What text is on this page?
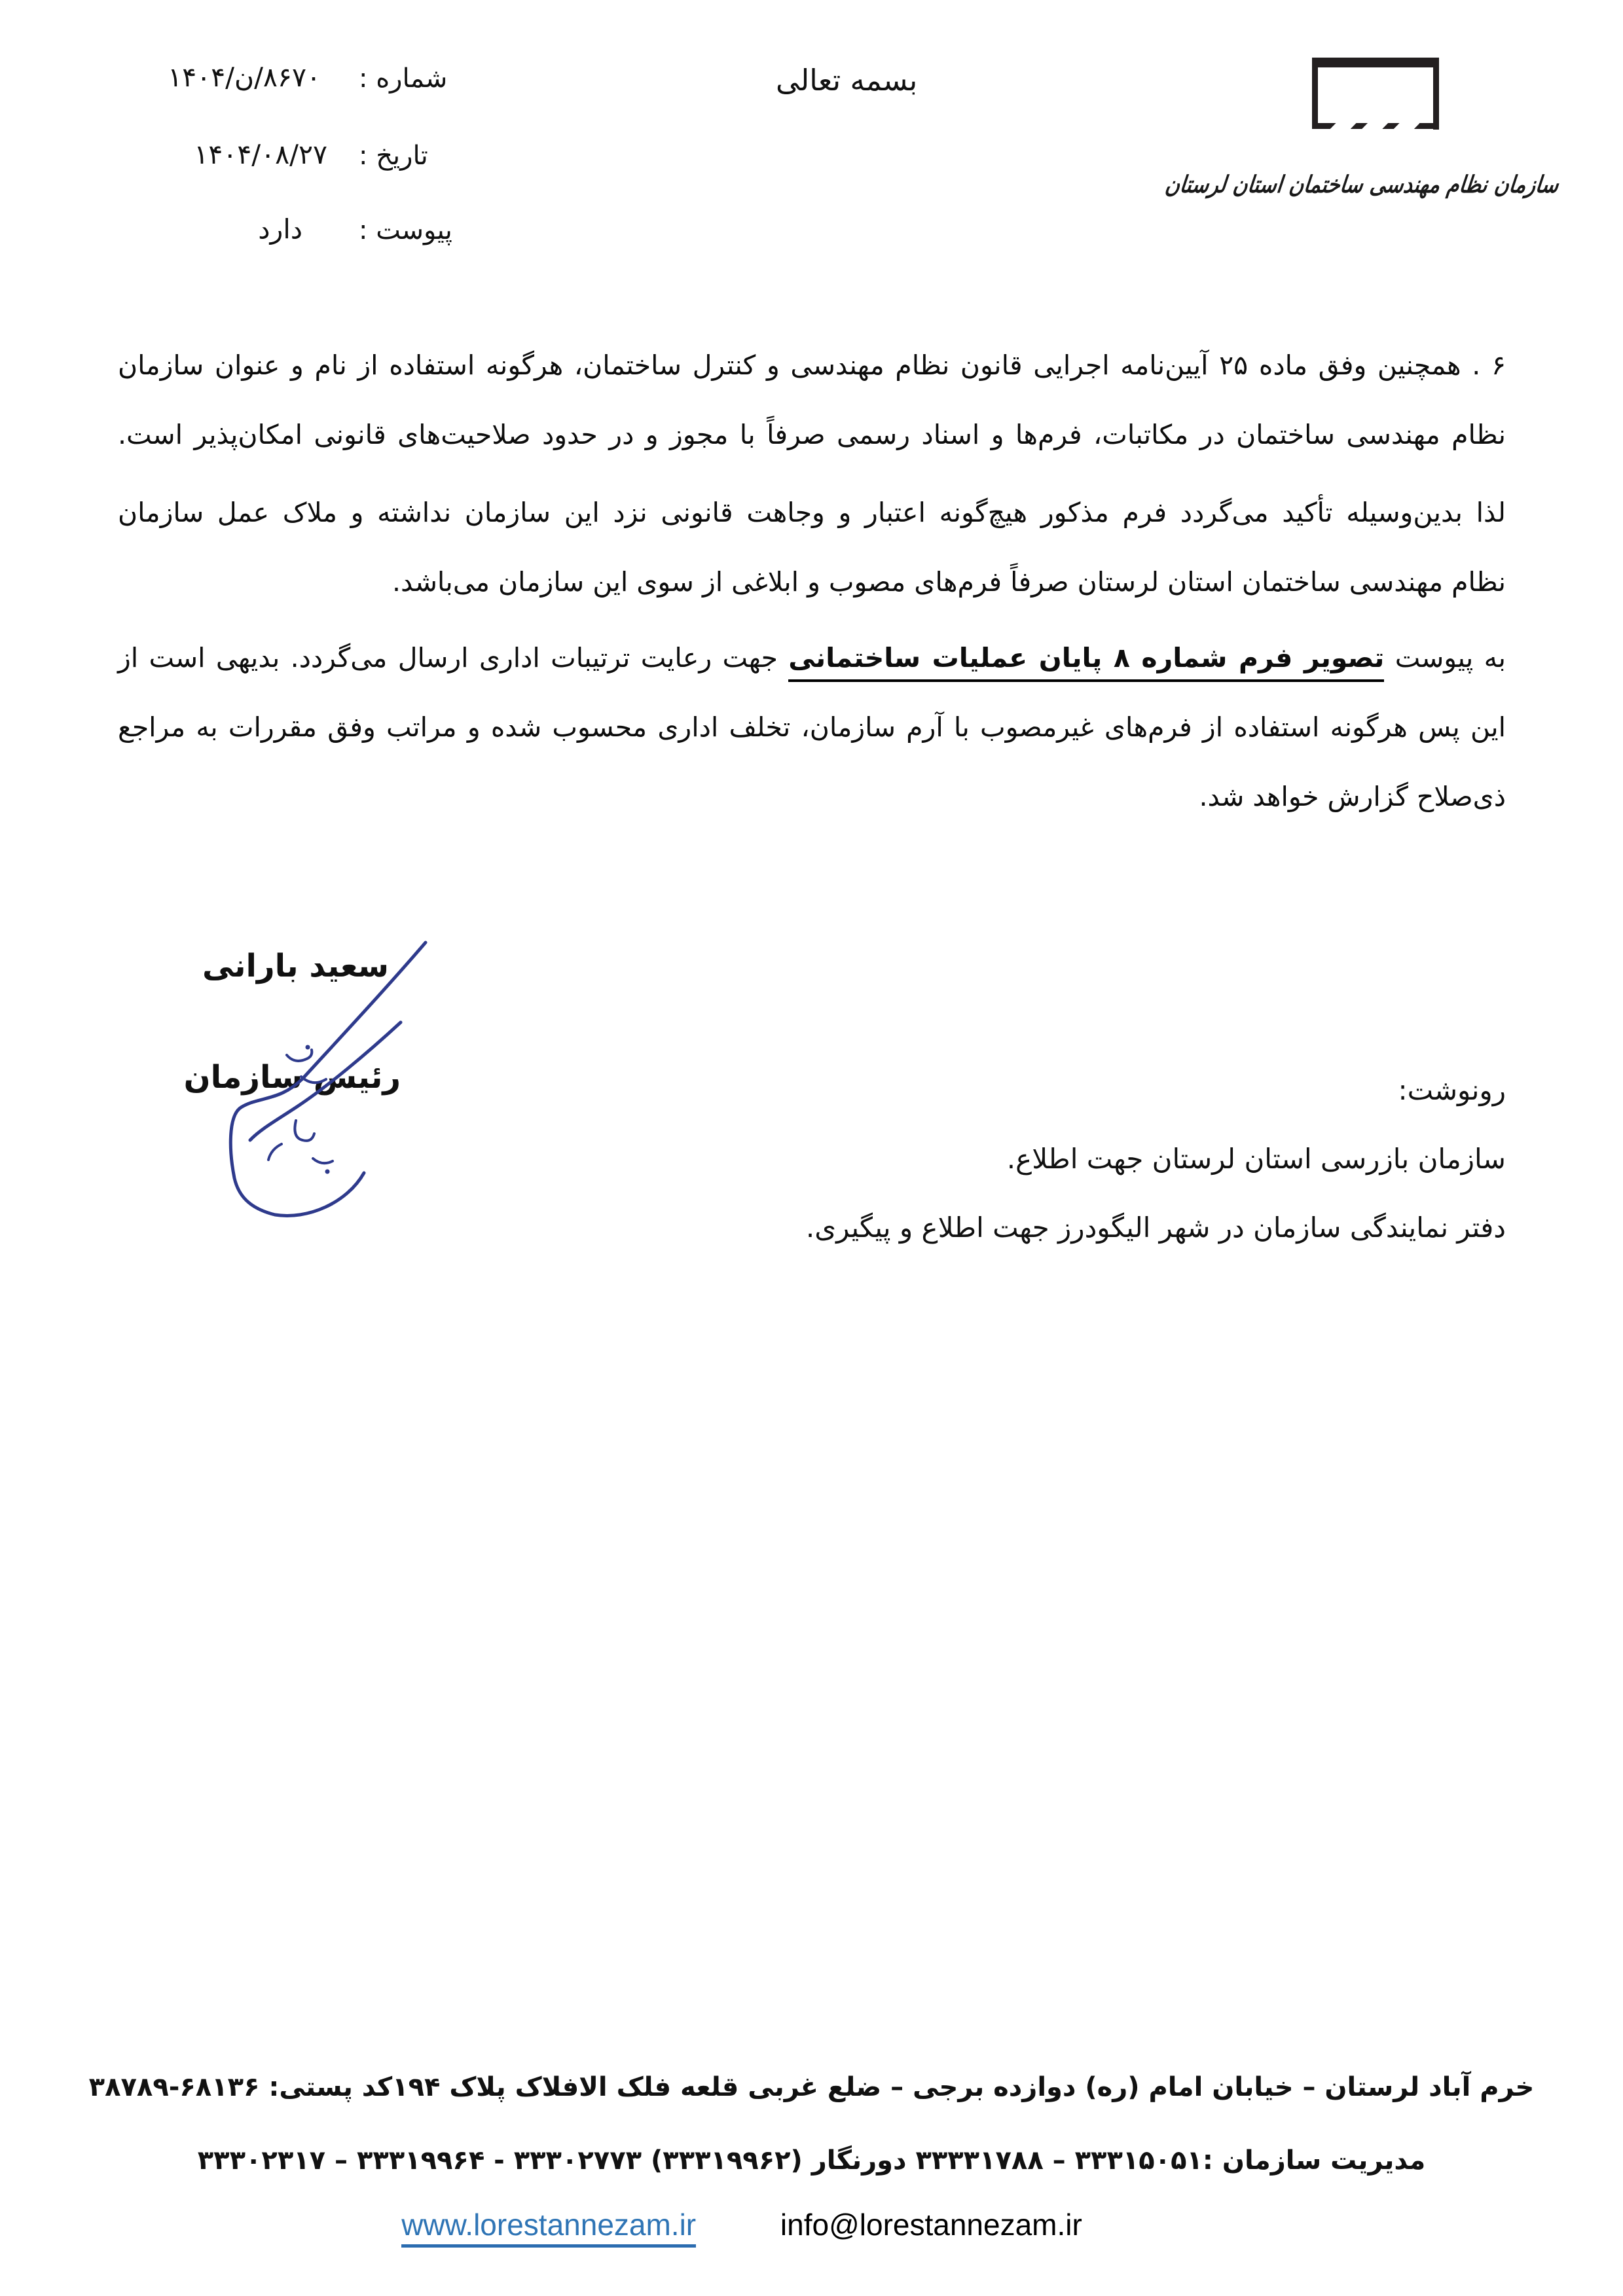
شماره :
۸۶۷۰/ن/۱۴۰۴
تاریخ :
۱۴۰۴/۰۸/۲۷
پیوست :
دارد
بسمه تعالی
سازمان نظام مهندسی ساختمان استان لرستان
۶ . همچنین وفق ماده ۲۵ آیین‌نامه اجرایی قانون نظام مهندسی و کنترل ساختمان، هرگونه استفاده از نام و عنوان سازمان
نظام مهندسی ساختمان در مکاتبات، فرم‌ها و اسناد رسمی صرفاً با مجوز و در حدود صلاحیت‌های قانونی امکان‌پذیر است.
لذا بدین‌وسیله تأکید می‌گردد فرم مذکور هیچ‌گونه اعتبار و وجاهت قانونی نزد این سازمان نداشته و ملاک عمل سازمان
نظام مهندسی ساختمان استان لرستان صرفاً فرم‌های مصوب و ابلاغی از سوی این سازمان می‌باشد.
به پیوست تصویر فرم شماره ۸ پایان عملیات ساختمانی جهت رعایت ترتیبات اداری ارسال می‌گردد. بدیهی است از
این پس هرگونه استفاده از فرم‌های غیرمصوب با آرم سازمان، تخلف اداری محسوب شده و مراتب وفق مقررات به مراجع
ذی‌صلاح گزارش خواهد شد.
سعید بارانی
رئیس سازمان	رونوشت:
سازمان بازرسی استان لرستان جهت اطلاع.
دفتر نمایندگی سازمان در شهر الیگودرز جهت اطلاع و پیگیری.
خرم آباد لرستان – خیابان امام (ره) دوازده برجی – ضلع غربی قلعه فلک الافلاک پلاک ۱۹۴کد پستی: ۶۸۱۳۶-۳۸۷۸۹
مدیریت سازمان :۳۳۳۱۵۰۵۱ – ۳۳۳۳۱۷۸۸ دورنگار (۳۳۳۱۹۹۶۲) ۳۳۳۰۲۷۷۳ - ۳۳۳۱۹۹۶۴ – ۳۳۳۰۲۳۱۷
www.lorestannezam.ir	info@lorestannezam.ir
